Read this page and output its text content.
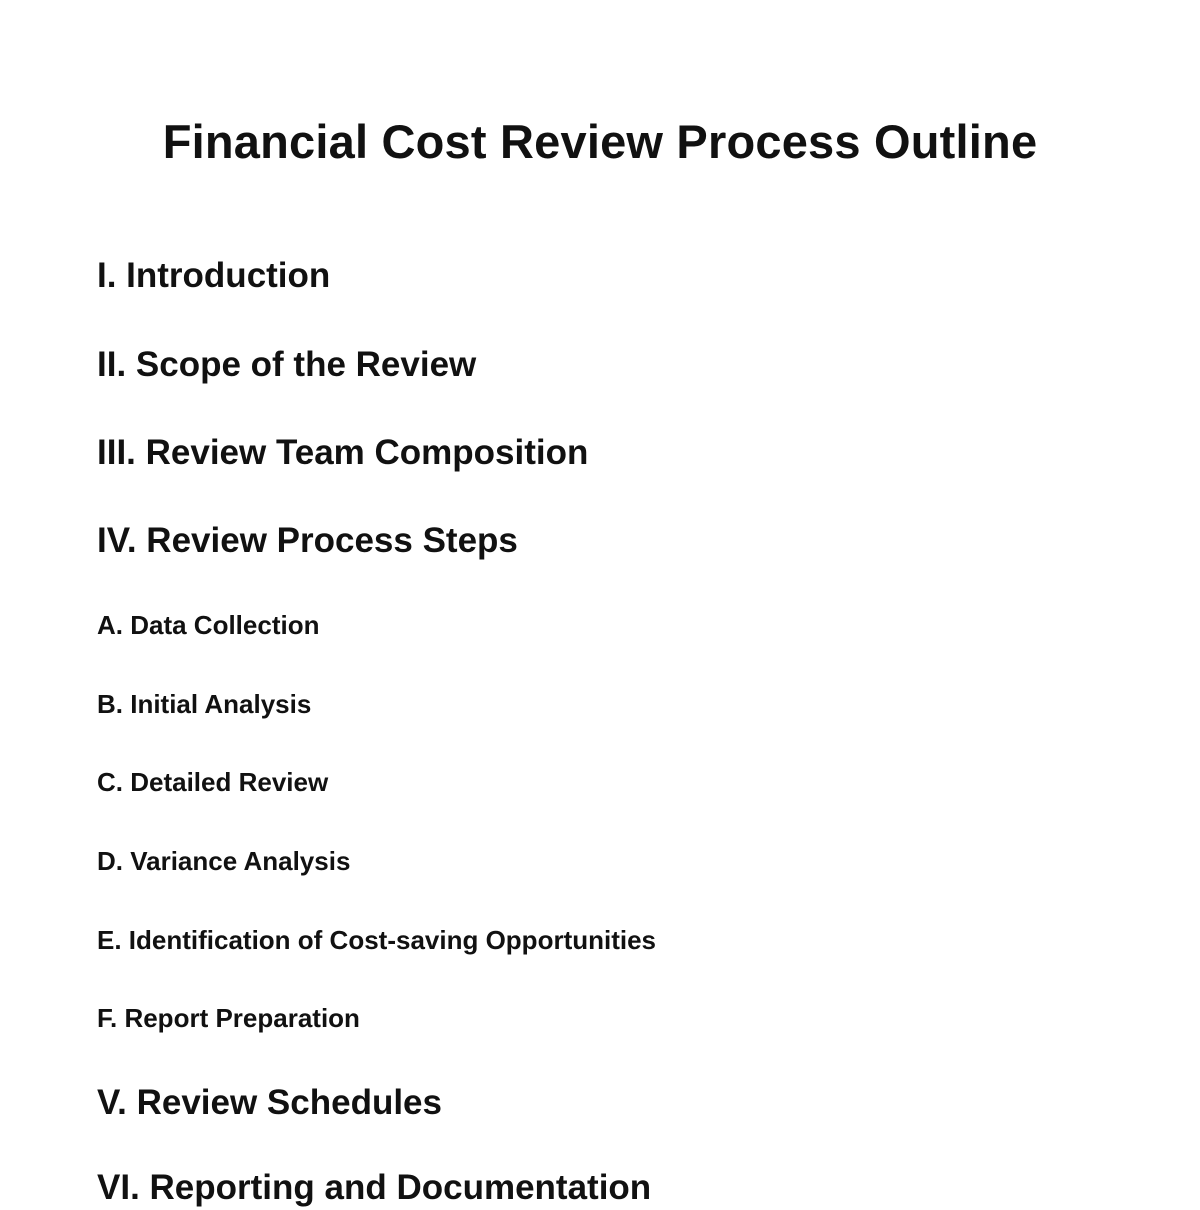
Financial Cost Review Process Outline
I. Introduction
II. Scope of the Review
III. Review Team Composition
IV. Review Process Steps
A. Data Collection
B. Initial Analysis
C. Detailed Review
D. Variance Analysis
E. Identification of Cost-saving Opportunities
F. Report Preparation
V. Review Schedules
VI. Reporting and Documentation
